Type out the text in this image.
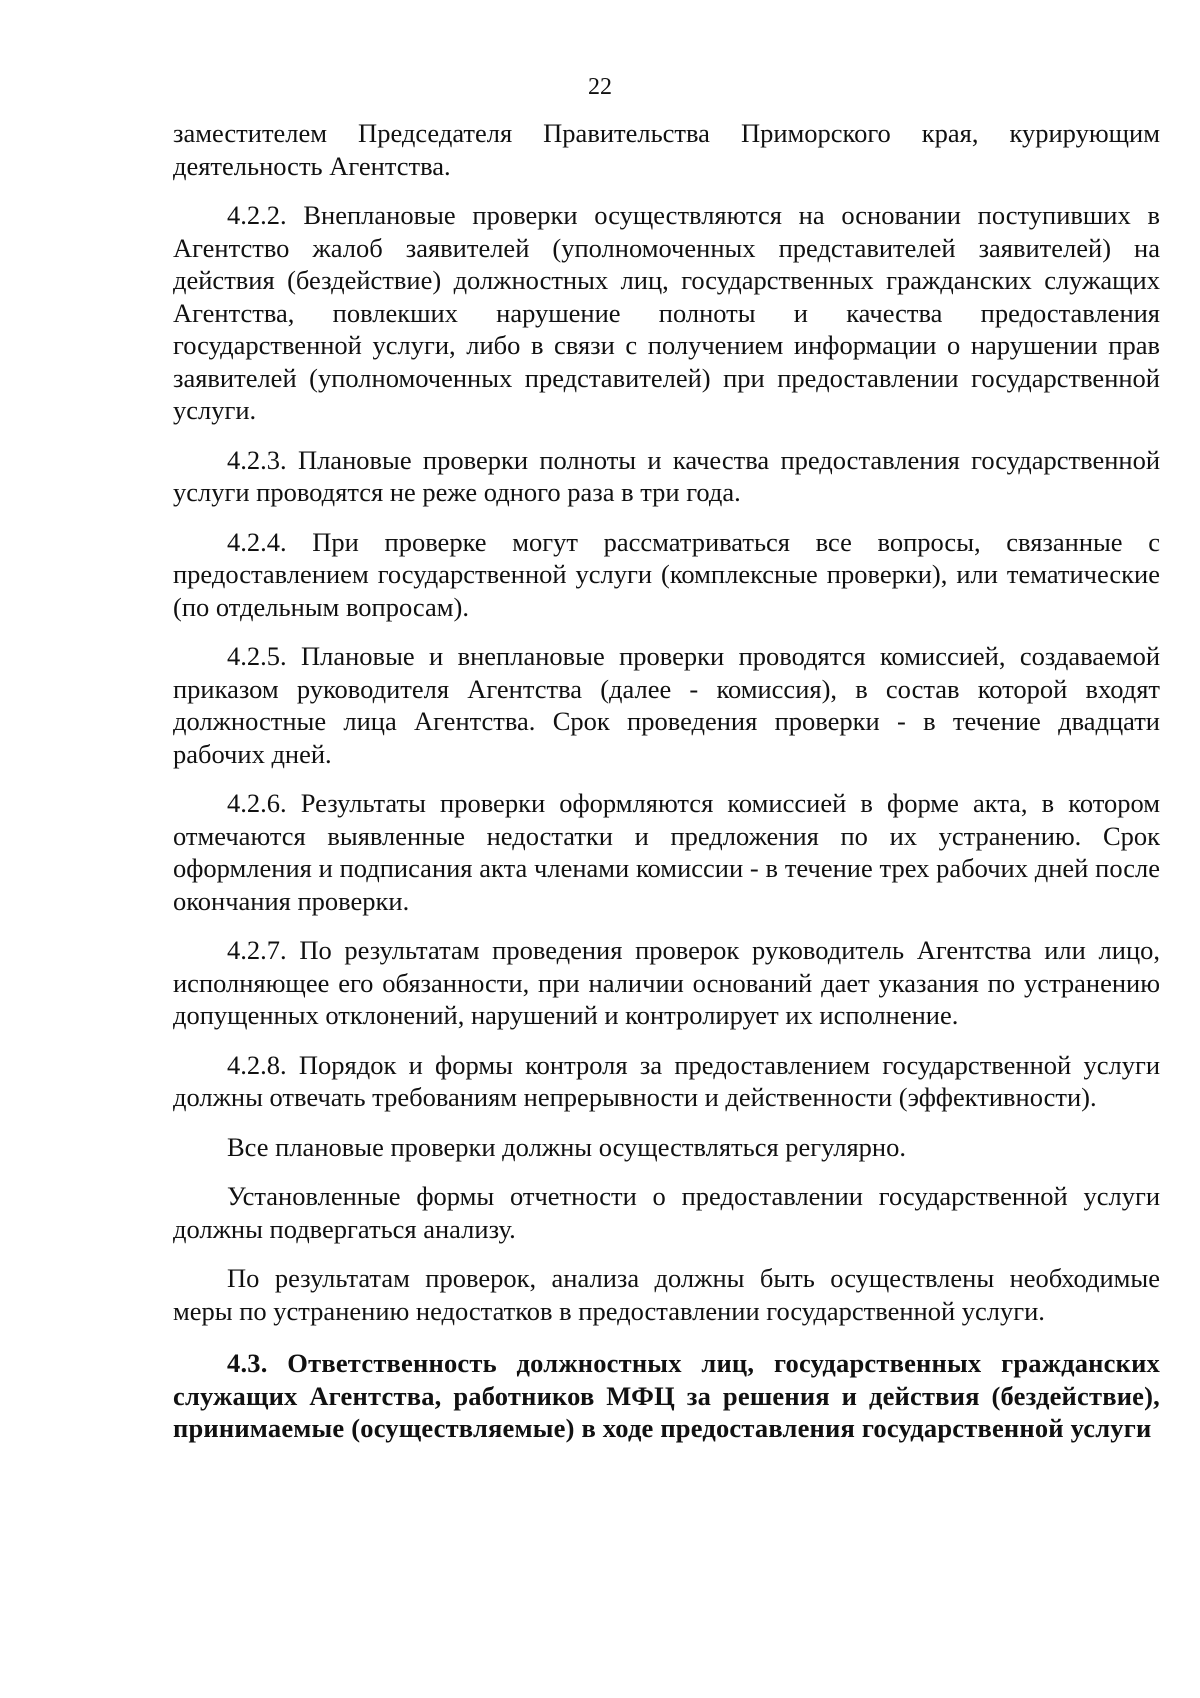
22

заместителем Председателя Правительства Приморского края, курирующим деятельность Агентства.

4.2.2. Внеплановые проверки осуществляются на основании поступивших в Агентство жалоб заявителей (уполномоченных представителей заявителей) на действия (бездействие) должностных лиц, государственных гражданских служащих Агентства, повлекших нарушение полноты и качества предоставления государственной услуги, либо в связи с получением информации о нарушении прав заявителей (уполномоченных представителей) при предоставлении государственной услуги.

4.2.3. Плановые проверки полноты и качества предоставления государственной услуги проводятся не реже одного раза в три года.

4.2.4. При проверке могут рассматриваться все вопросы, связанные с предоставлением государственной услуги (комплексные проверки), или тематические (по отдельным вопросам).

4.2.5. Плановые и внеплановые проверки проводятся комиссией, создаваемой приказом руководителя Агентства (далее - комиссия), в состав которой входят должностные лица Агентства. Срок проведения проверки - в течение двадцати рабочих дней.

4.2.6. Результаты проверки оформляются комиссией в форме акта, в котором отмечаются выявленные недостатки и предложения по их устранению. Срок оформления и подписания акта членами комиссии - в течение трех рабочих дней после окончания проверки.

4.2.7. По результатам проведения проверок руководитель Агентства или лицо, исполняющее его обязанности, при наличии оснований дает указания по устранению допущенных отклонений, нарушений и контролирует их исполнение.

4.2.8. Порядок и формы контроля за предоставлением государственной услуги должны отвечать требованиям непрерывности и действенности (эффективности).

Все плановые проверки должны осуществляться регулярно.

Установленные формы отчетности о предоставлении государственной услуги должны подвергаться анализу.

По результатам проверок, анализа должны быть осуществлены необходимые меры по устранению недостатков в предоставлении государственной услуги.

4.3. Ответственность должностных лиц, государственных гражданских служащих Агентства, работников МФЦ за решения и действия (бездействие), принимаемые (осуществляемые) в ходе предоставления государственной услуги
